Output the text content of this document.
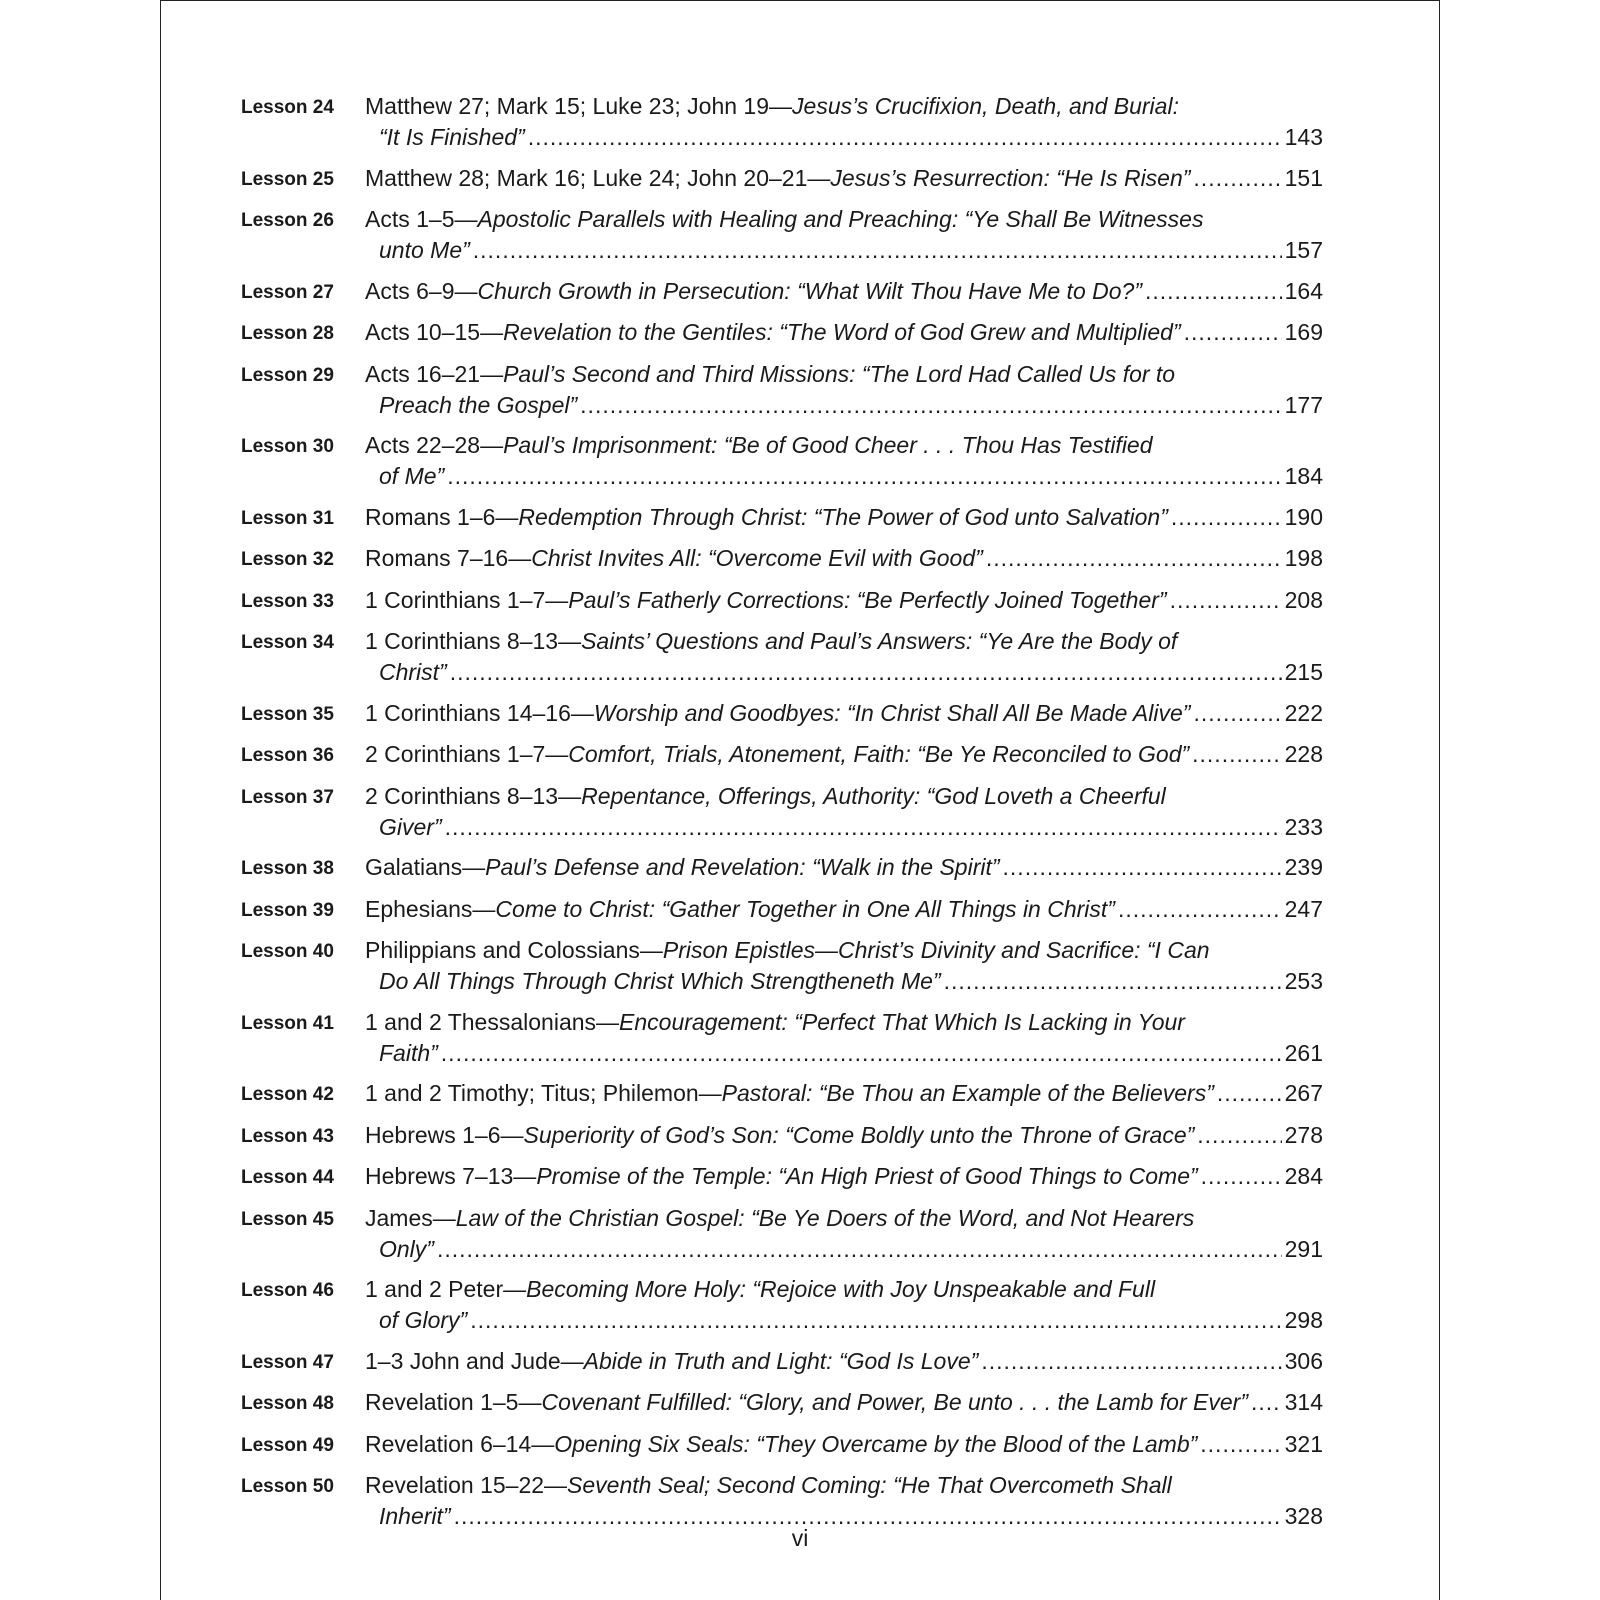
Lesson 24	Matthew 27; Mark 15; Luke 23; John 19—Jesus’s Crucifixion, Death, and Burial:
“It Is Finished” .....	143
Lesson 25	Matthew 28; Mark 16; Luke 24; John 20–21—Jesus’s Resurrection: “He Is Risen” .....	151
Lesson 26	Acts 1–5—Apostolic Parallels with Healing and Preaching: “Ye Shall Be Witnesses
unto Me” .....	157
Lesson 27	Acts 6–9—Church Growth in Persecution: “What Wilt Thou Have Me to Do?” .....	164
Lesson 28	Acts 10–15—Revelation to the Gentiles: “The Word of God Grew and Multiplied” .....	169
Lesson 29	Acts 16–21—Paul’s Second and Third Missions: “The Lord Had Called Us for to
Preach the Gospel” .....	177
Lesson 30	Acts 22–28—Paul’s Imprisonment: “Be of Good Cheer . . . Thou Has Testified
of Me” .....	184
Lesson 31	Romans 1–6—Redemption Through Christ: “The Power of God unto Salvation” .....	190
Lesson 32	Romans 7–16—Christ Invites All: “Overcome Evil with Good” .....	198
Lesson 33	1 Corinthians 1–7—Paul’s Fatherly Corrections: “Be Perfectly Joined Together” .....	208
Lesson 34	1 Corinthians 8–13—Saints’ Questions and Paul’s Answers: “Ye Are the Body of
Christ” .....	215
Lesson 35	1 Corinthians 14–16—Worship and Goodbyes: “In Christ Shall All Be Made Alive” .....	222
Lesson 36	2 Corinthians 1–7—Comfort, Trials, Atonement, Faith: “Be Ye Reconciled to God” .....	228
Lesson 37	2 Corinthians 8–13—Repentance, Offerings, Authority: “God Loveth a Cheerful
Giver” .....	233
Lesson 38	Galatians—Paul’s Defense and Revelation: “Walk in the Spirit” .....	239
Lesson 39	Ephesians—Come to Christ: “Gather Together in One All Things in Christ” .....	247
Lesson 40	Philippians and Colossians—Prison Epistles—Christ’s Divinity and Sacrifice: “I Can
Do All Things Through Christ Which Strengtheneth Me” .....	253
Lesson 41	1 and 2 Thessalonians—Encouragement: “Perfect That Which Is Lacking in Your
Faith” .....	261
Lesson 42	1 and 2 Timothy; Titus; Philemon—Pastoral: “Be Thou an Example of the Believers” .....	267
Lesson 43	Hebrews 1–6—Superiority of God’s Son: “Come Boldly unto the Throne of Grace” .....	278
Lesson 44	Hebrews 7–13—Promise of the Temple: “An High Priest of Good Things to Come” .....	284
Lesson 45	James—Law of the Christian Gospel: “Be Ye Doers of the Word, and Not Hearers
Only” .....	291
Lesson 46	1 and 2 Peter—Becoming More Holy: “Rejoice with Joy Unspeakable and Full
of Glory” .....	298
Lesson 47	1–3 John and Jude—Abide in Truth and Light: “God Is Love” .....	306
Lesson 48	Revelation 1–5—Covenant Fulfilled: “Glory, and Power, Be unto . . . the Lamb for Ever” ..... 314
Lesson 49	Revelation 6–14—Opening Six Seals: “They Overcame by the Blood of the Lamb” .....	321
Lesson 50	Revelation 15–22—Seventh Seal; Second Coming: “He That Overcometh Shall
Inherit” .....	328
vi
